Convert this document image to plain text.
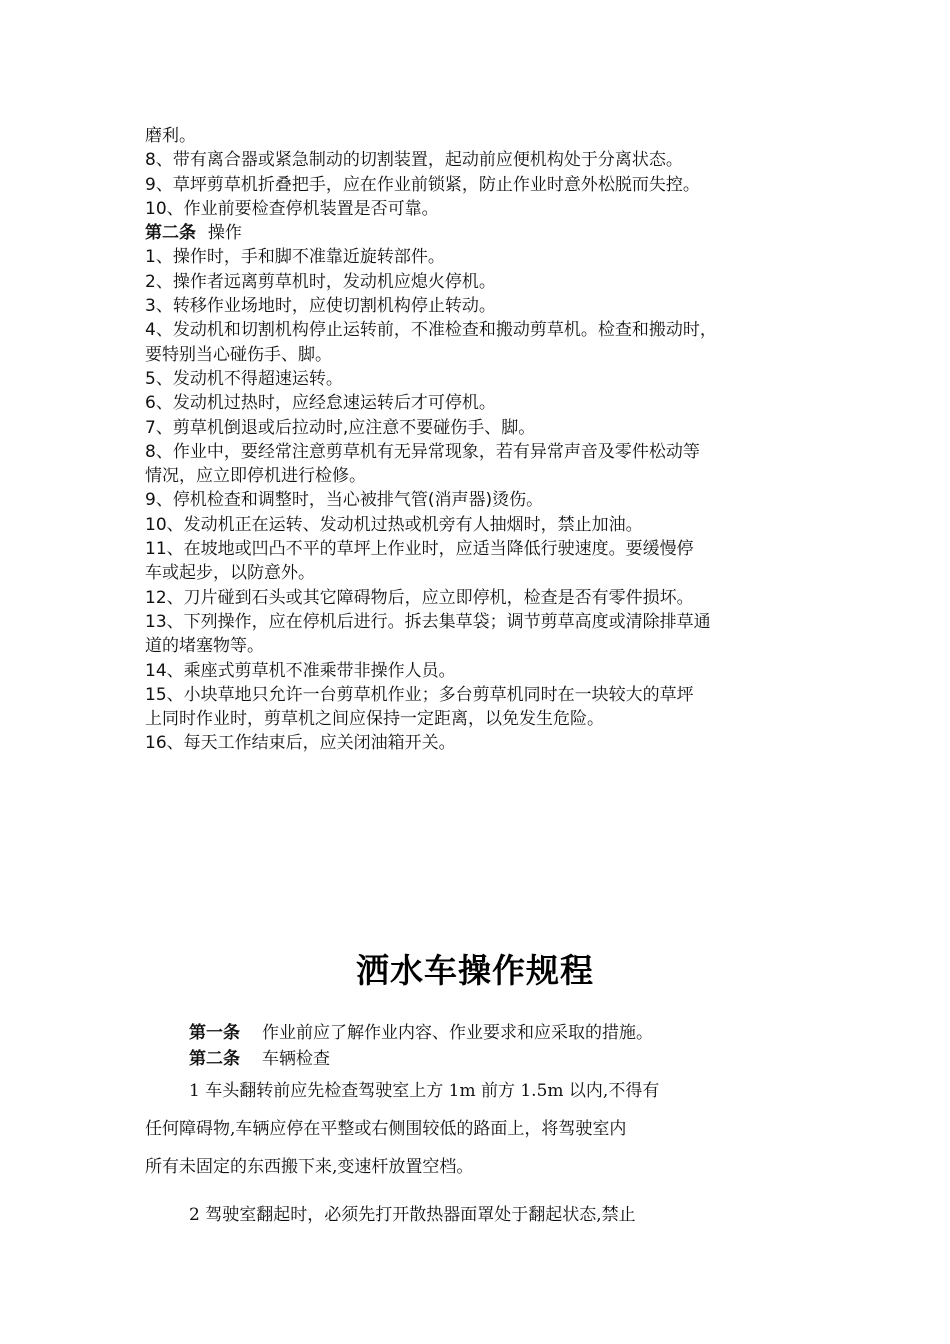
磨利。

8、带有离合器或紧急制动的切割装置，起动前应便机构处于分离状态。

9、草坪剪草机折叠把手，应在作业前锁紧，防止作业时意外松脱而失控。

10、作业前要检查停机装置是否可靠。

第二条 操作

1、操作时，手和脚不准靠近旋转部件。

2、操作者远离剪草机时，发动机应熄火停机。

3、转移作业场地时，应使切割机构停止转动。

4、发动机和切割机构停止运转前，不准检查和搬动剪草机。检查和搬动时，

要特别当心碰伤手、脚。

5、发动机不得超速运转。

6、发动机过热时，应经怠速运转后才可停机。

7、剪草机倒退或后拉动时,应注意不要碰伤手、脚。

8、作业中，要经常注意剪草机有无异常现象，若有异常声音及零件松动等

情况，应立即停机进行检修。

9、停机检查和调整时，当心被排气管(消声器)烫伤。

10、发动机正在运转、发动机过热或机旁有人抽烟时，禁止加油。

11、在坡地或凹凸不平的草坪上作业时，应适当降低行驶速度。要缓慢停

车或起步，以防意外。

12、刀片碰到石头或其它障碍物后，应立即停机，检查是否有零件损坏。

13、下列操作，应在停机后进行。拆去集草袋；调节剪草高度或清除排草通

道的堵塞物等。

14、乘座式剪草机不准乘带非操作人员。

15、小块草地只允许一台剪草机作业；多台剪草机同时在一块较大的草坪

上同时作业时，剪草机之间应保持一定距离，以免发生危险。

16、每天工作结束后，应关闭油箱开关。

洒水车操作规程

第一条 作业前应了解作业内容、作业要求和应采取的措施。

第二条 车辆检查

1 车头翻转前应先检查驾驶室上方 1m 前方 1.5m 以内,不得有
任何障碍物,车辆应停在平整或右侧围较低的路面上，将驾驶室内
所有未固定的东西搬下来,变速杆放置空档。

2 驾驶室翻起时，必须先打开散热器面罩处于翻起状态,禁止
